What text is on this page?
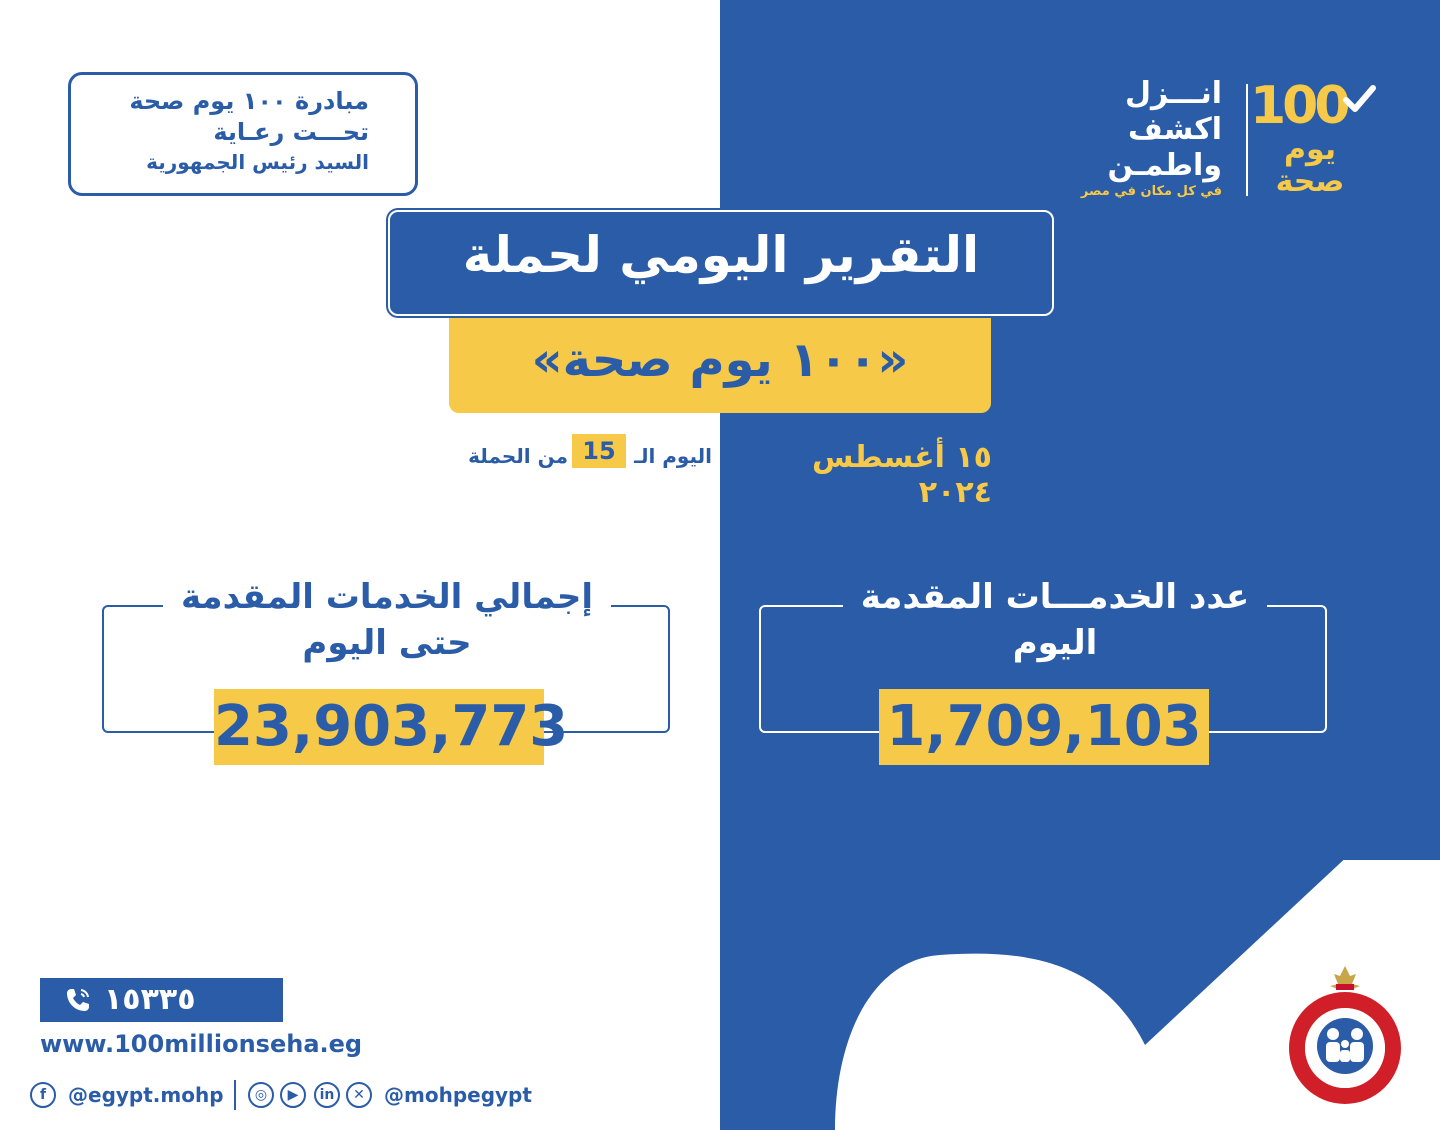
مبادرة ١٠٠ يوم صحة
تحـــت رعـاية
السيد رئيس الجمهورية
انـــزل
اكشف
واطمـن
في كل مكان في مصر
100
يوم
صحة
التقرير اليومي لحملة
«١٠٠ يوم صحة»
١٥ أغسطس ٢٠٢٤
اليوم الـ
15
من الحملة
إجمالي الخدمات المقدمة
حتى اليوم
23,903,773
عدد الخدمـــات المقدمة
اليوم
1,709,103
١٥٣٣٥
www.100millionseha.eg
f	@egypt.mohp	◎	▶	in	✕ @mohpegypt
